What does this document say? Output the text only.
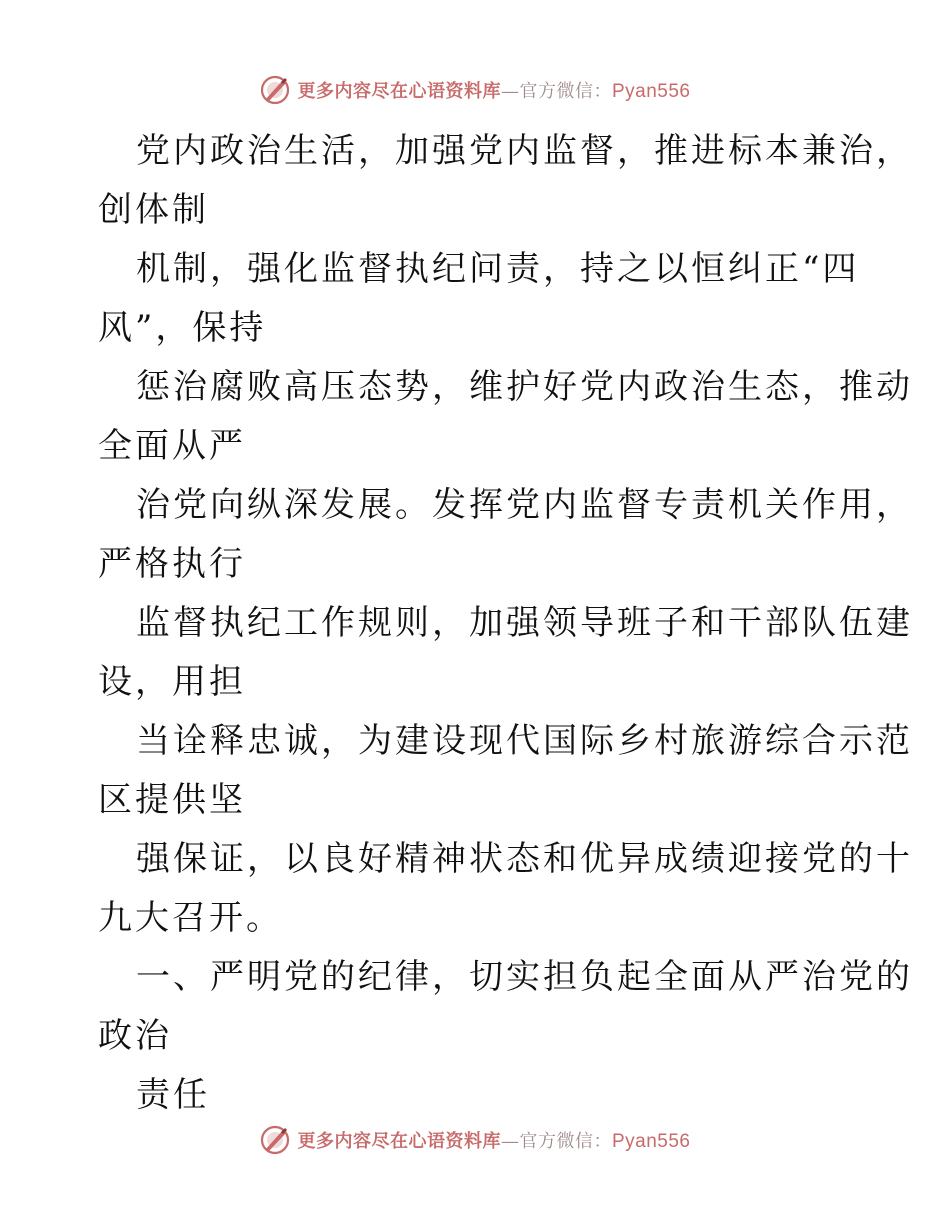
更多内容尽在心语资料库—官方微信：Pyan556
党内政治生活，加强党内监督，推进标本兼治，
创体制
机制，强化监督执纪问责，持之以恒纠正“四
风”，保持
惩治腐败高压态势，维护好党内政治生态，推动
全面从严
治党向纵深发展。发挥党内监督专责机关作用，
严格执行
监督执纪工作规则，加强领导班子和干部队伍建
设，用担
当诠释忠诚，为建设现代国际乡村旅游综合示范
区提供坚
强保证，以良好精神状态和优异成绩迎接党的十
九大召开。
一、严明党的纪律，切实担负起全面从严治党的
政治
责任
更多内容尽在心语资料库—官方微信：Pyan556
